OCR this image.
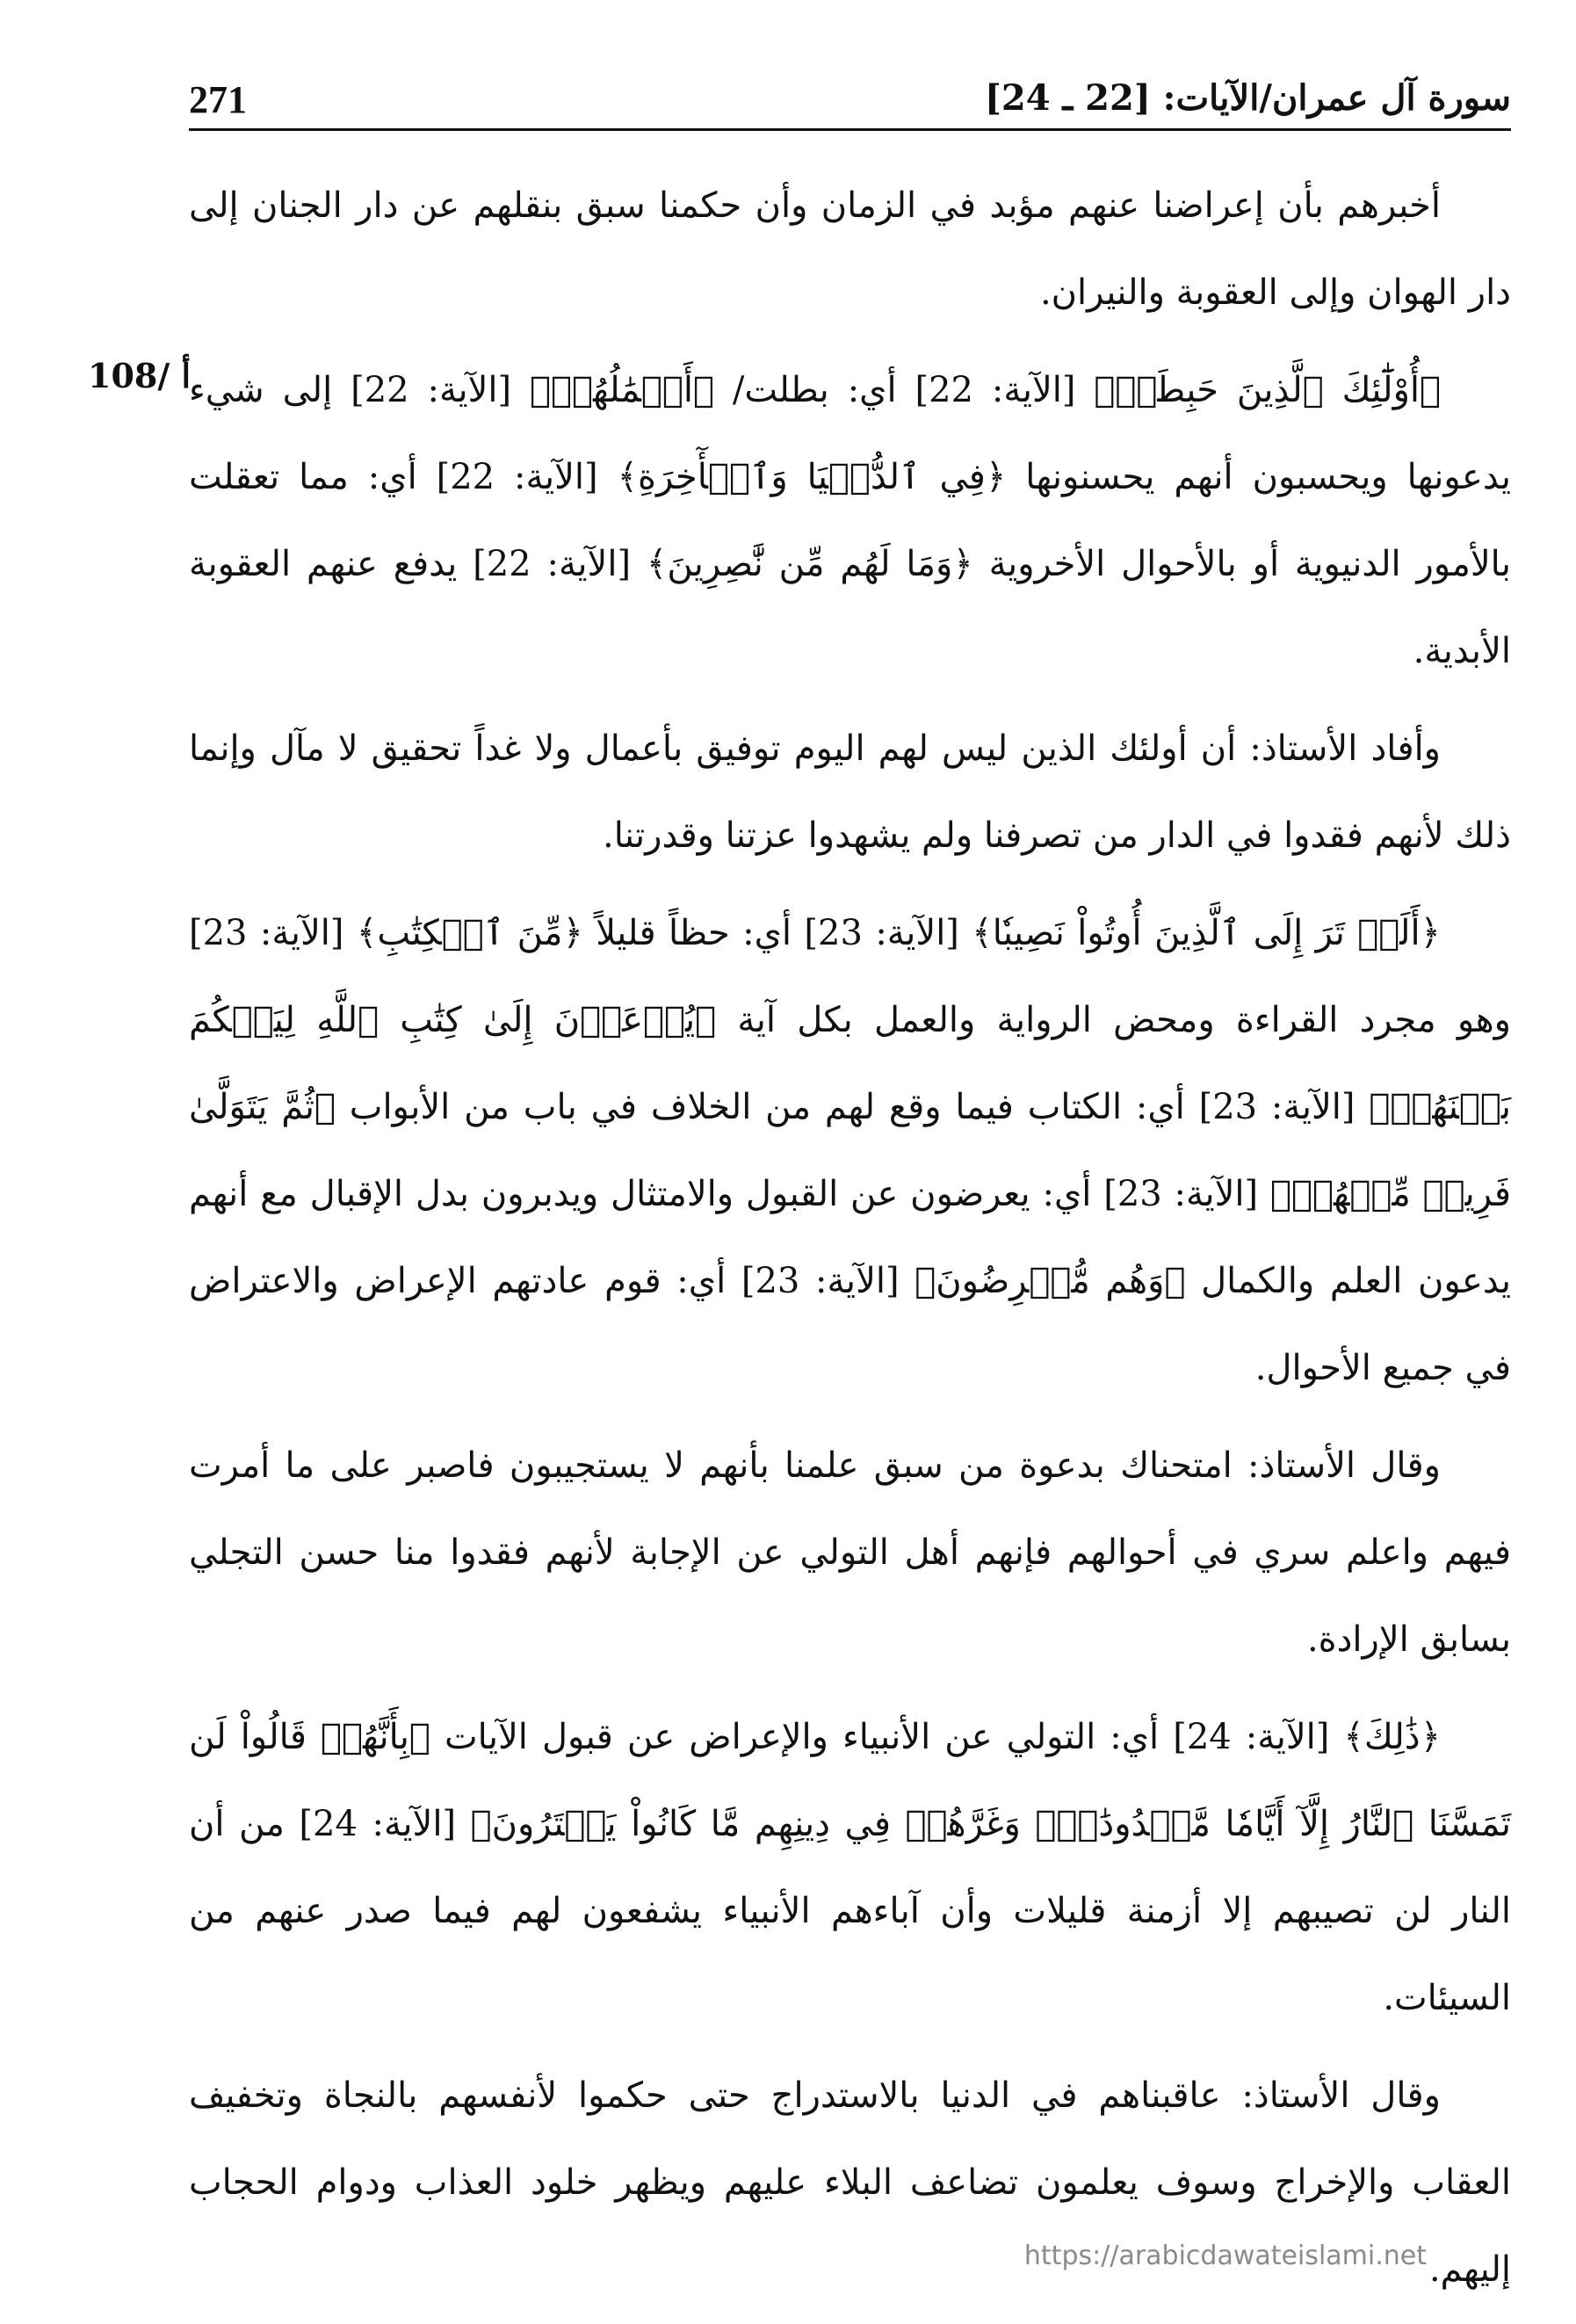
سورة آل عمران/الآيات: [22 ـ 24]
271
108/ أ

أخبرهم بأن إعراضنا عنهم مؤبد في الزمان وأن حكمنا سبق بنقلهم عن دار الجنان إلى دار الهوان وإلى العقوبة والنيران.

﴿أُوْلَٰٓئِكَ ٱلَّذِينَ حَبِطَتۡ﴾ [الآية: 22] أي: بطلت/ ﴿أَعۡمَٰلُهُمۡ﴾ [الآية: 22] إلى شيء يدعونها ويحسبون أنهم يحسنونها ﴿فِي ٱلدُّنۡيَا وَٱلۡأٓخِرَةِ﴾ [الآية: 22] أي: مما تعقلت بالأمور الدنيوية أو بالأحوال الأخروية ﴿وَمَا لَهُم مِّن نَّٰصِرِينَ﴾ [الآية: 22] يدفع عنهم العقوبة الأبدية.

وأفاد الأستاذ: أن أولئك الذين ليس لهم اليوم توفيق بأعمال ولا غداً تحقيق لا مآل وإنما ذلك لأنهم فقدوا في الدار من تصرفنا ولم يشهدوا عزتنا وقدرتنا.

﴿أَلَمۡ تَرَ إِلَى ٱلَّذِينَ أُوتُواْ نَصِيبٗا﴾ [الآية: 23] أي: حظاً قليلاً ﴿مِّنَ ٱلۡكِتَٰبِ﴾ [الآية: 23] وهو مجرد القراءة ومحض الرواية والعمل بكل آية ﴿يُدۡعَوۡنَ إِلَىٰ كِتَٰبِ ٱللَّهِ لِيَحۡكُمَ بَيۡنَهُمۡ﴾ [الآية: 23] أي: الكتاب فيما وقع لهم من الخلاف في باب من الأبواب ﴿ثُمَّ يَتَوَلَّىٰ فَرِيقٞ مِّنۡهُمۡ﴾ [الآية: 23] أي: يعرضون عن القبول والامتثال ويدبرون بدل الإقبال مع أنهم يدعون العلم والكمال ﴿وَهُم مُّعۡرِضُونَ﴾ [الآية: 23] أي: قوم عادتهم الإعراض والاعتراض في جميع الأحوال.

وقال الأستاذ: امتحناك بدعوة من سبق علمنا بأنهم لا يستجيبون فاصبر على ما أمرت فيهم واعلم سري في أحوالهم فإنهم أهل التولي عن الإجابة لأنهم فقدوا منا حسن التجلي بسابق الإرادة.

﴿ذَٰلِكَ﴾ [الآية: 24] أي: التولي عن الأنبياء والإعراض عن قبول الآيات ﴿بِأَنَّهُمۡ قَالُواْ لَن تَمَسَّنَا ٱلنَّارُ إِلَّآ أَيَّامٗا مَّعۡدُودَٰتٖۖ وَغَرَّهُمۡ فِي دِينِهِم مَّا كَانُواْ يَفۡتَرُونَ﴾ [الآية: 24] من أن النار لن تصيبهم إلا أزمنة قليلات وأن آباءهم الأنبياء يشفعون لهم فيما صدر عنهم من السيئات.

وقال الأستاذ: عاقبناهم في الدنيا بالاستدراج حتى حكموا لأنفسهم بالنجاة وتخفيف العقاب والإخراج وسوف يعلمون تضاعف البلاء عليهم ويظهر خلود العذاب ودوام الحجاب إليهم.

https://arabicdawateislami.net
